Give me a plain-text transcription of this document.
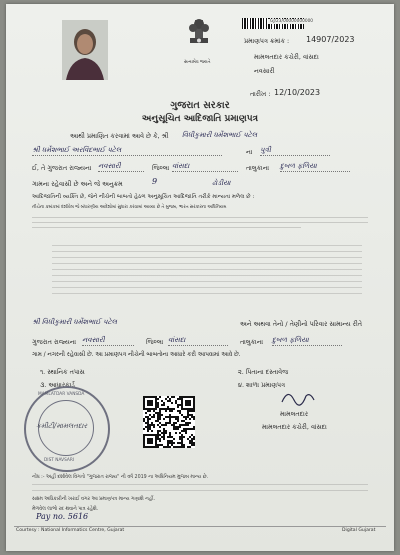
સત્યમેવ જયતે
GJ/23/00000000000
પ્રમાણપત્ર ક્રમાંક : 14907/2023
મામલતદાર કચેરી, વાંસદા
નવસારી
તારીખ : 12/10/2023
ગુજરાત સરકાર
અનુસૂચિત આદિજાતિ પ્રમાણપત્ર
આથી પ્રમાણિત કરવામાં આવે છે કે, શ્રી વિધીકુમારી ધર્મેશભાઈ પટેલ
શ્રી ધર્મેશભાઈ અરવિંદભાઈ પટેલ	ના પુત્રી
ઈ, તે ગુજરાત રાજ્યના નવસારી	જિલ્લા વાંસદા	તાલુકાના દુબળ ફળિયા
ગામના રહેવાસી છે અને જે અનુક્રમ	9	ઢોડીયા
આદિજાતિની વ્યક્તિ છે, જેને નીચેની બાબતો હેઠળ અનુસૂચિત આદિજાતિ તરીકે માન્યતા મળેલ છે :
નીચેના ક્રમાંકમાં દર્શાવેલ જે બંધારણીય આદેશોમાં સુધારા કરવામાં આવ્યા છે તે મુજબ, ભારત સરકારના અધિનિયમ
શ્રી વિધીકુમારી ધર્મેશભાઈ પટેલ	અને અથવા તેનો / તેણીનો પરિવાર સામાન્ય રીતે
ગુજરાત રાજ્યના નવસારી	જિલ્લા વાંસદા	તાલુકાના દુબળ ફળિયા
ગામ / નગરની રહેવાસી છે. આ પ્રમાણપત્ર નીચેની બાબતોના આધારે કરી આપવામાં આવે છે.
૧. સ્થાનિક તપાસ	૨. પિતાના દસ્તાવેજ
૩. આધારકાર્ડ	૪. શાળા પ્રમાણપત્ર
MAMLATDAR VANSDA
કમીટી/મામલતદાર
DIST NAVSARI
મામલતદાર
મામલતદાર કચેરી, વાંસદા
નોંધ :- અહીં દર્શાવેલ વિગતો "ગુજરાત રાજ્ય" ની વર્ષ 2019 ના અધિનિયમ મુજબ માન્ય છે.
સક્ષમ અધિકારીની ખરાઈ વગર આ પ્રમાણપત્ર માન્ય ગણાશે નહીં.
મેળવેલ લાભો રદ થવાને પાત્ર રહેશે.
Pay no. 5616
Courtesy : National Informatics Centre, Gujarat	Digital Gujarat
